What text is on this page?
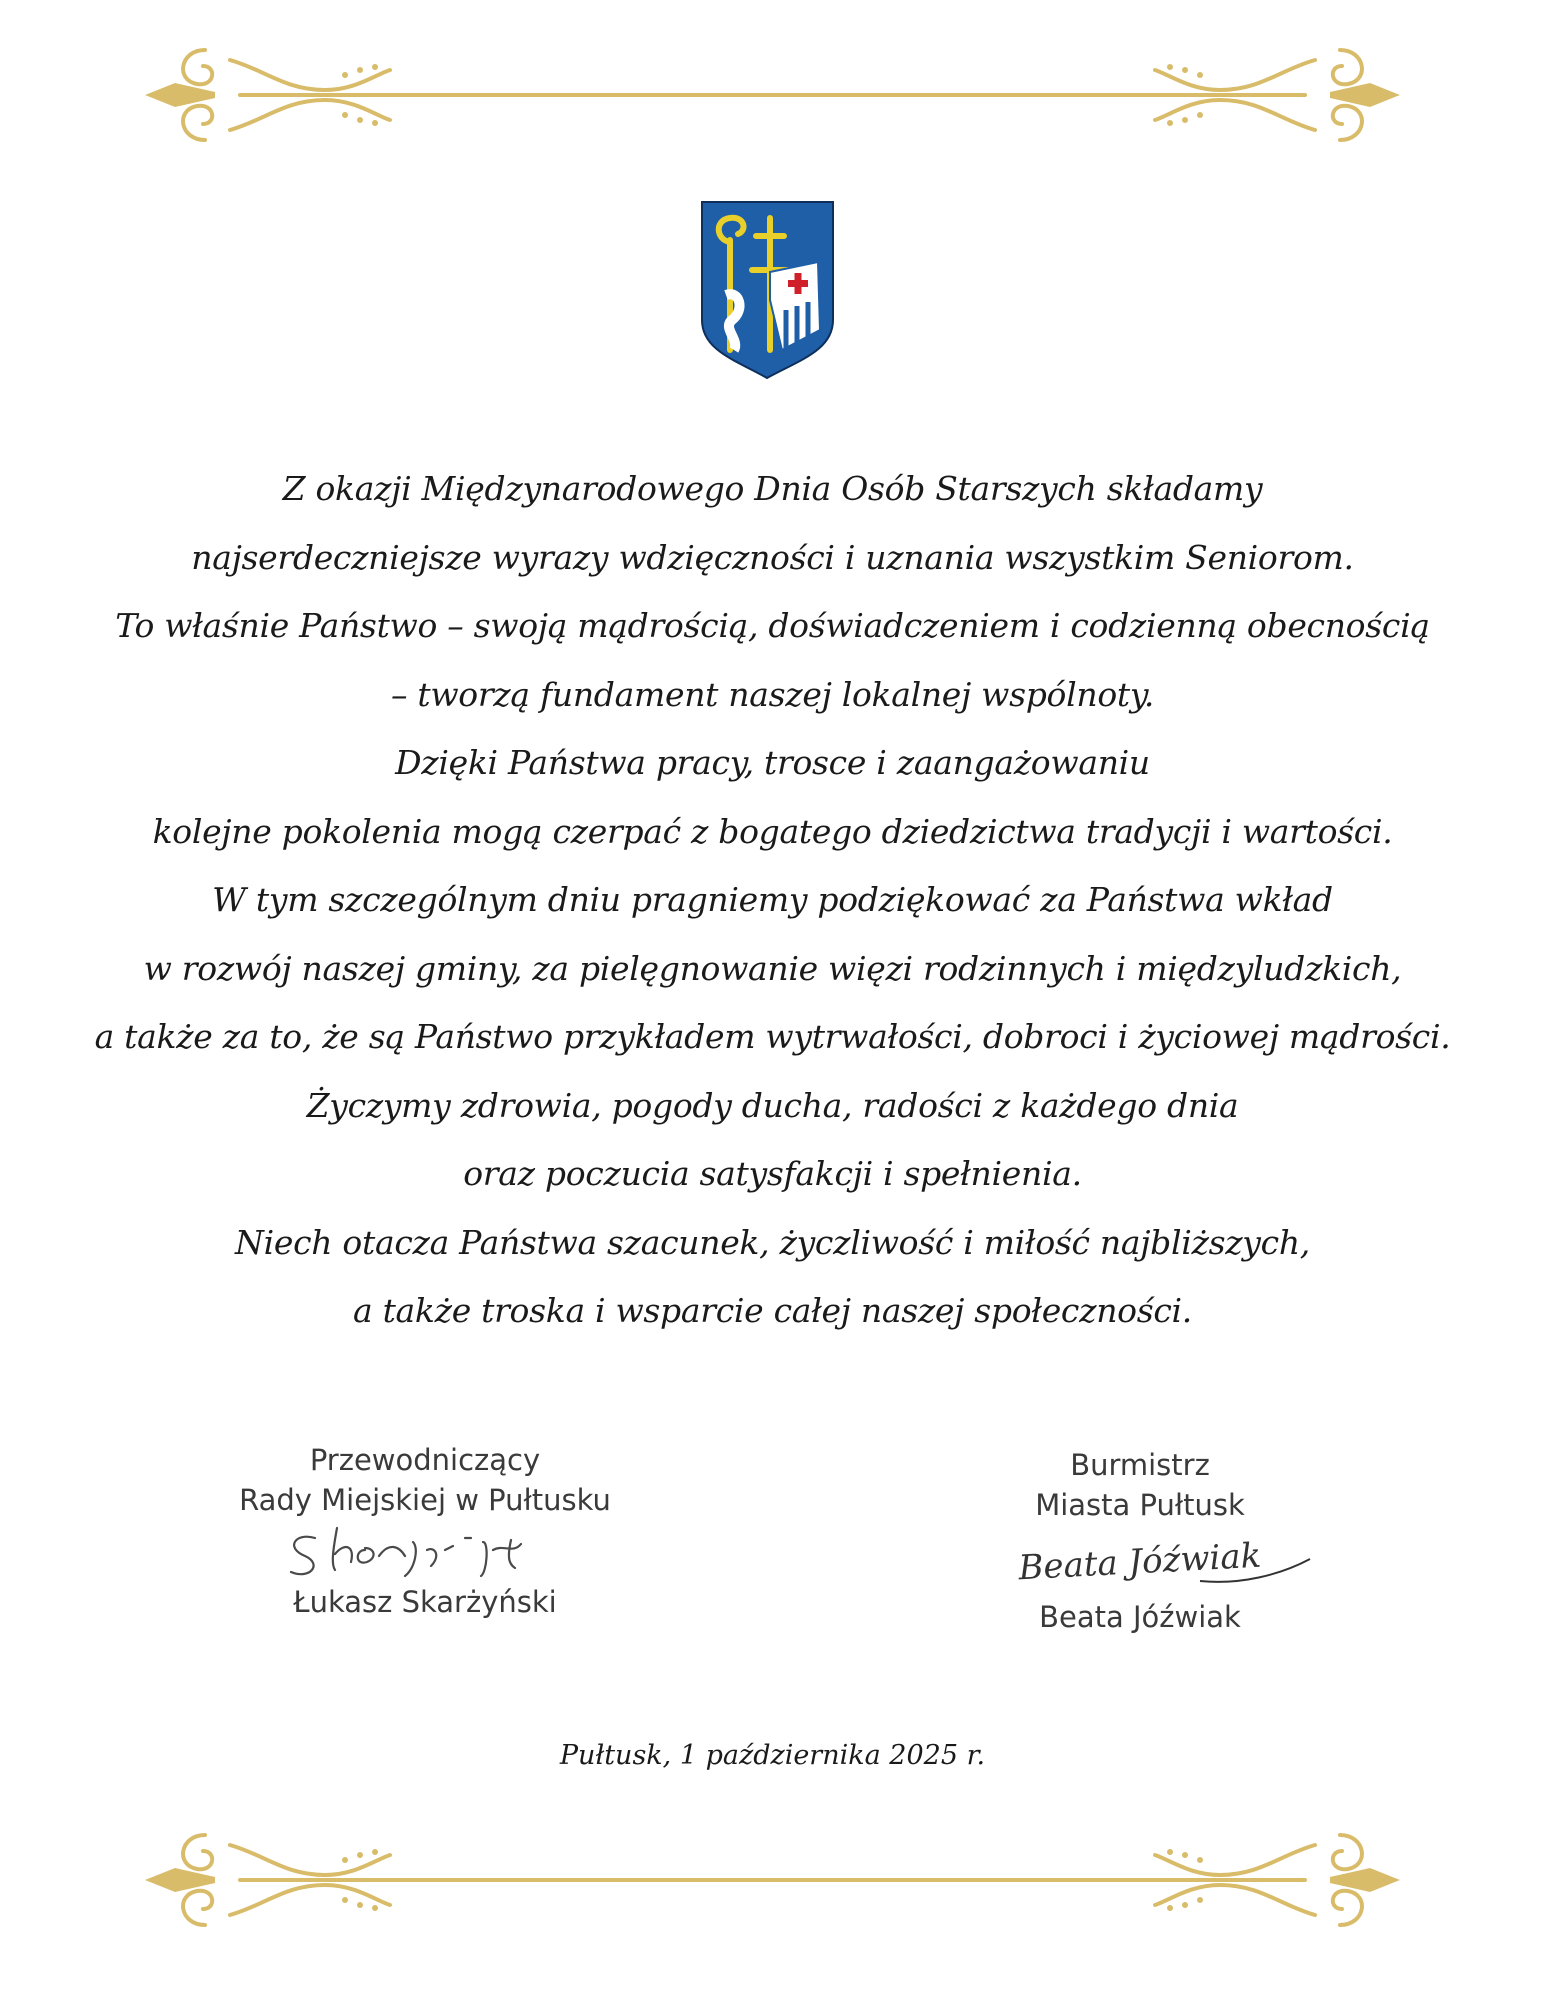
Z okazji Międzynarodowego Dnia Osób Starszych składamy
najserdeczniejsze wyrazy wdzięczności i uznania wszystkim Seniorom.
To właśnie Państwo – swoją mądrością, doświadczeniem i codzienną obecnością
– tworzą fundament naszej lokalnej wspólnoty.
Dzięki Państwa pracy, trosce i zaangażowaniu
kolejne pokolenia mogą czerpać z bogatego dziedzictwa tradycji i wartości.
W tym szczególnym dniu pragniemy podziękować za Państwa wkład
w rozwój naszej gminy, za pielęgnowanie więzi rodzinnych i międzyludzkich,
a także za to, że są Państwo przykładem wytrwałości, dobroci i życiowej mądrości.
Życzymy zdrowia, pogody ducha, radości z każdego dnia
oraz poczucia satysfakcji i spełnienia.
Niech otacza Państwa szacunek, życzliwość i miłość najbliższych,
a także troska i wsparcie całej naszej społeczności.
Przewodniczący
Rady Miejskiej w Pułtusku
Łukasz Skarżyński
Burmistrz
Miasta Pułtusk
Beata Jóźwiak
Beata Jóźwiak
Pułtusk, 1 października 2025 r.
